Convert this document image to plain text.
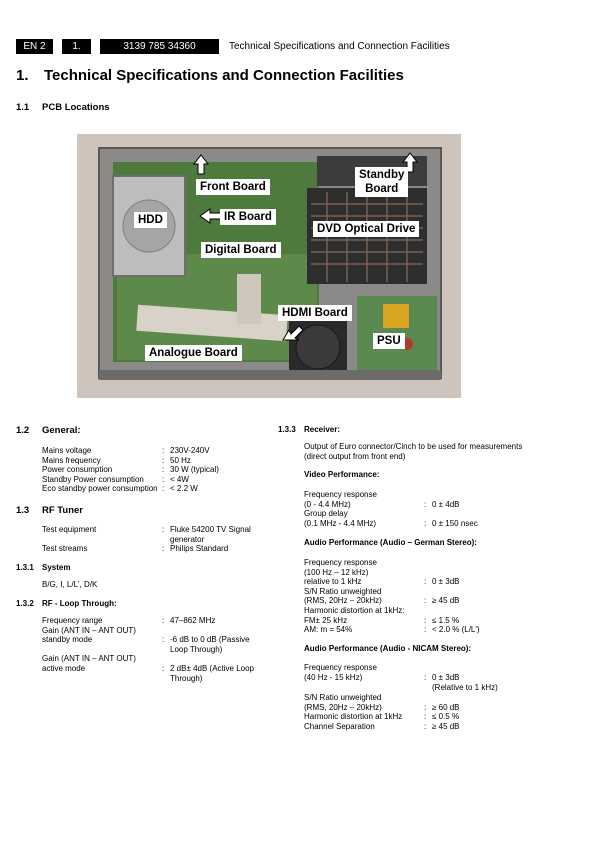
EN 2	1.	3139 785 34360	Technical Specifications and Connection Facilities
1. Technical Specifications and Connection Facilities
1.1 PCB Locations
Front Board
Standby
Board
HDD	IR Board
DVD Optical Drive
Digital Board
HDMI Board
PSU
Analogue Board
1.2 General:
Mains voltage	: 230V-240V
Mains frequency	: 50 Hz
Power consumption	: 30 W (typical)
Standby Power consumption : < 4W
Eco standby power consumption : < 2.2 W
1.3 RF Tuner
Test equipment	: Fluke 54200 TV Signal
generator
Test streams	: Philips Standard
1.3.1 System
B/G, I, L/L', D/K
1.3.2 RF - Loop Through:
Frequency range	: 47–862 MHz
Gain (ANT IN – ANT OUT)
standby mode	: -6 dB to 0 dB (Passive
Loop Through)
Gain (ANT IN – ANT OUT)
active mode	: 2 dB± 4dB (Active Loop
Through)
1.3.3 Receiver:
Output of Euro connector/Cinch to be used for measurements
(direct output from front end)
Video Performance:
Frequency response
(0 - 4.4 MHz)	: 0 ± 4dB
Group delay
(0.1 MHz - 4.4 MHz)	: 0 ± 150 nsec
Audio Performance (Audio – German Stereo):
Frequency response
(100 Hz – 12 kHz)
relative to 1 kHz	: 0 ± 3dB
S/N Ratio unweighted
(RMS, 20Hz – 20kHz)	: ≥ 45 dB
Harmonic distortion at 1kHz:
FM± 25 kHz	: ≤ 1.5 %
AM: m = 54%	: < 2.0 % (L/L')
Audio Performance (Audio - NICAM Stereo):
Frequency response
(40 Hz - 15 kHz)	: 0 ± 3dB
(Relative to 1 kHz)
S/N Ratio unweighted
(RMS, 20Hz – 20kHz)	: ≥ 60 dB
Harmonic distortion at 1kHz	: ≤ 0.5 %
Channel Separation	: ≥ 45 dB
